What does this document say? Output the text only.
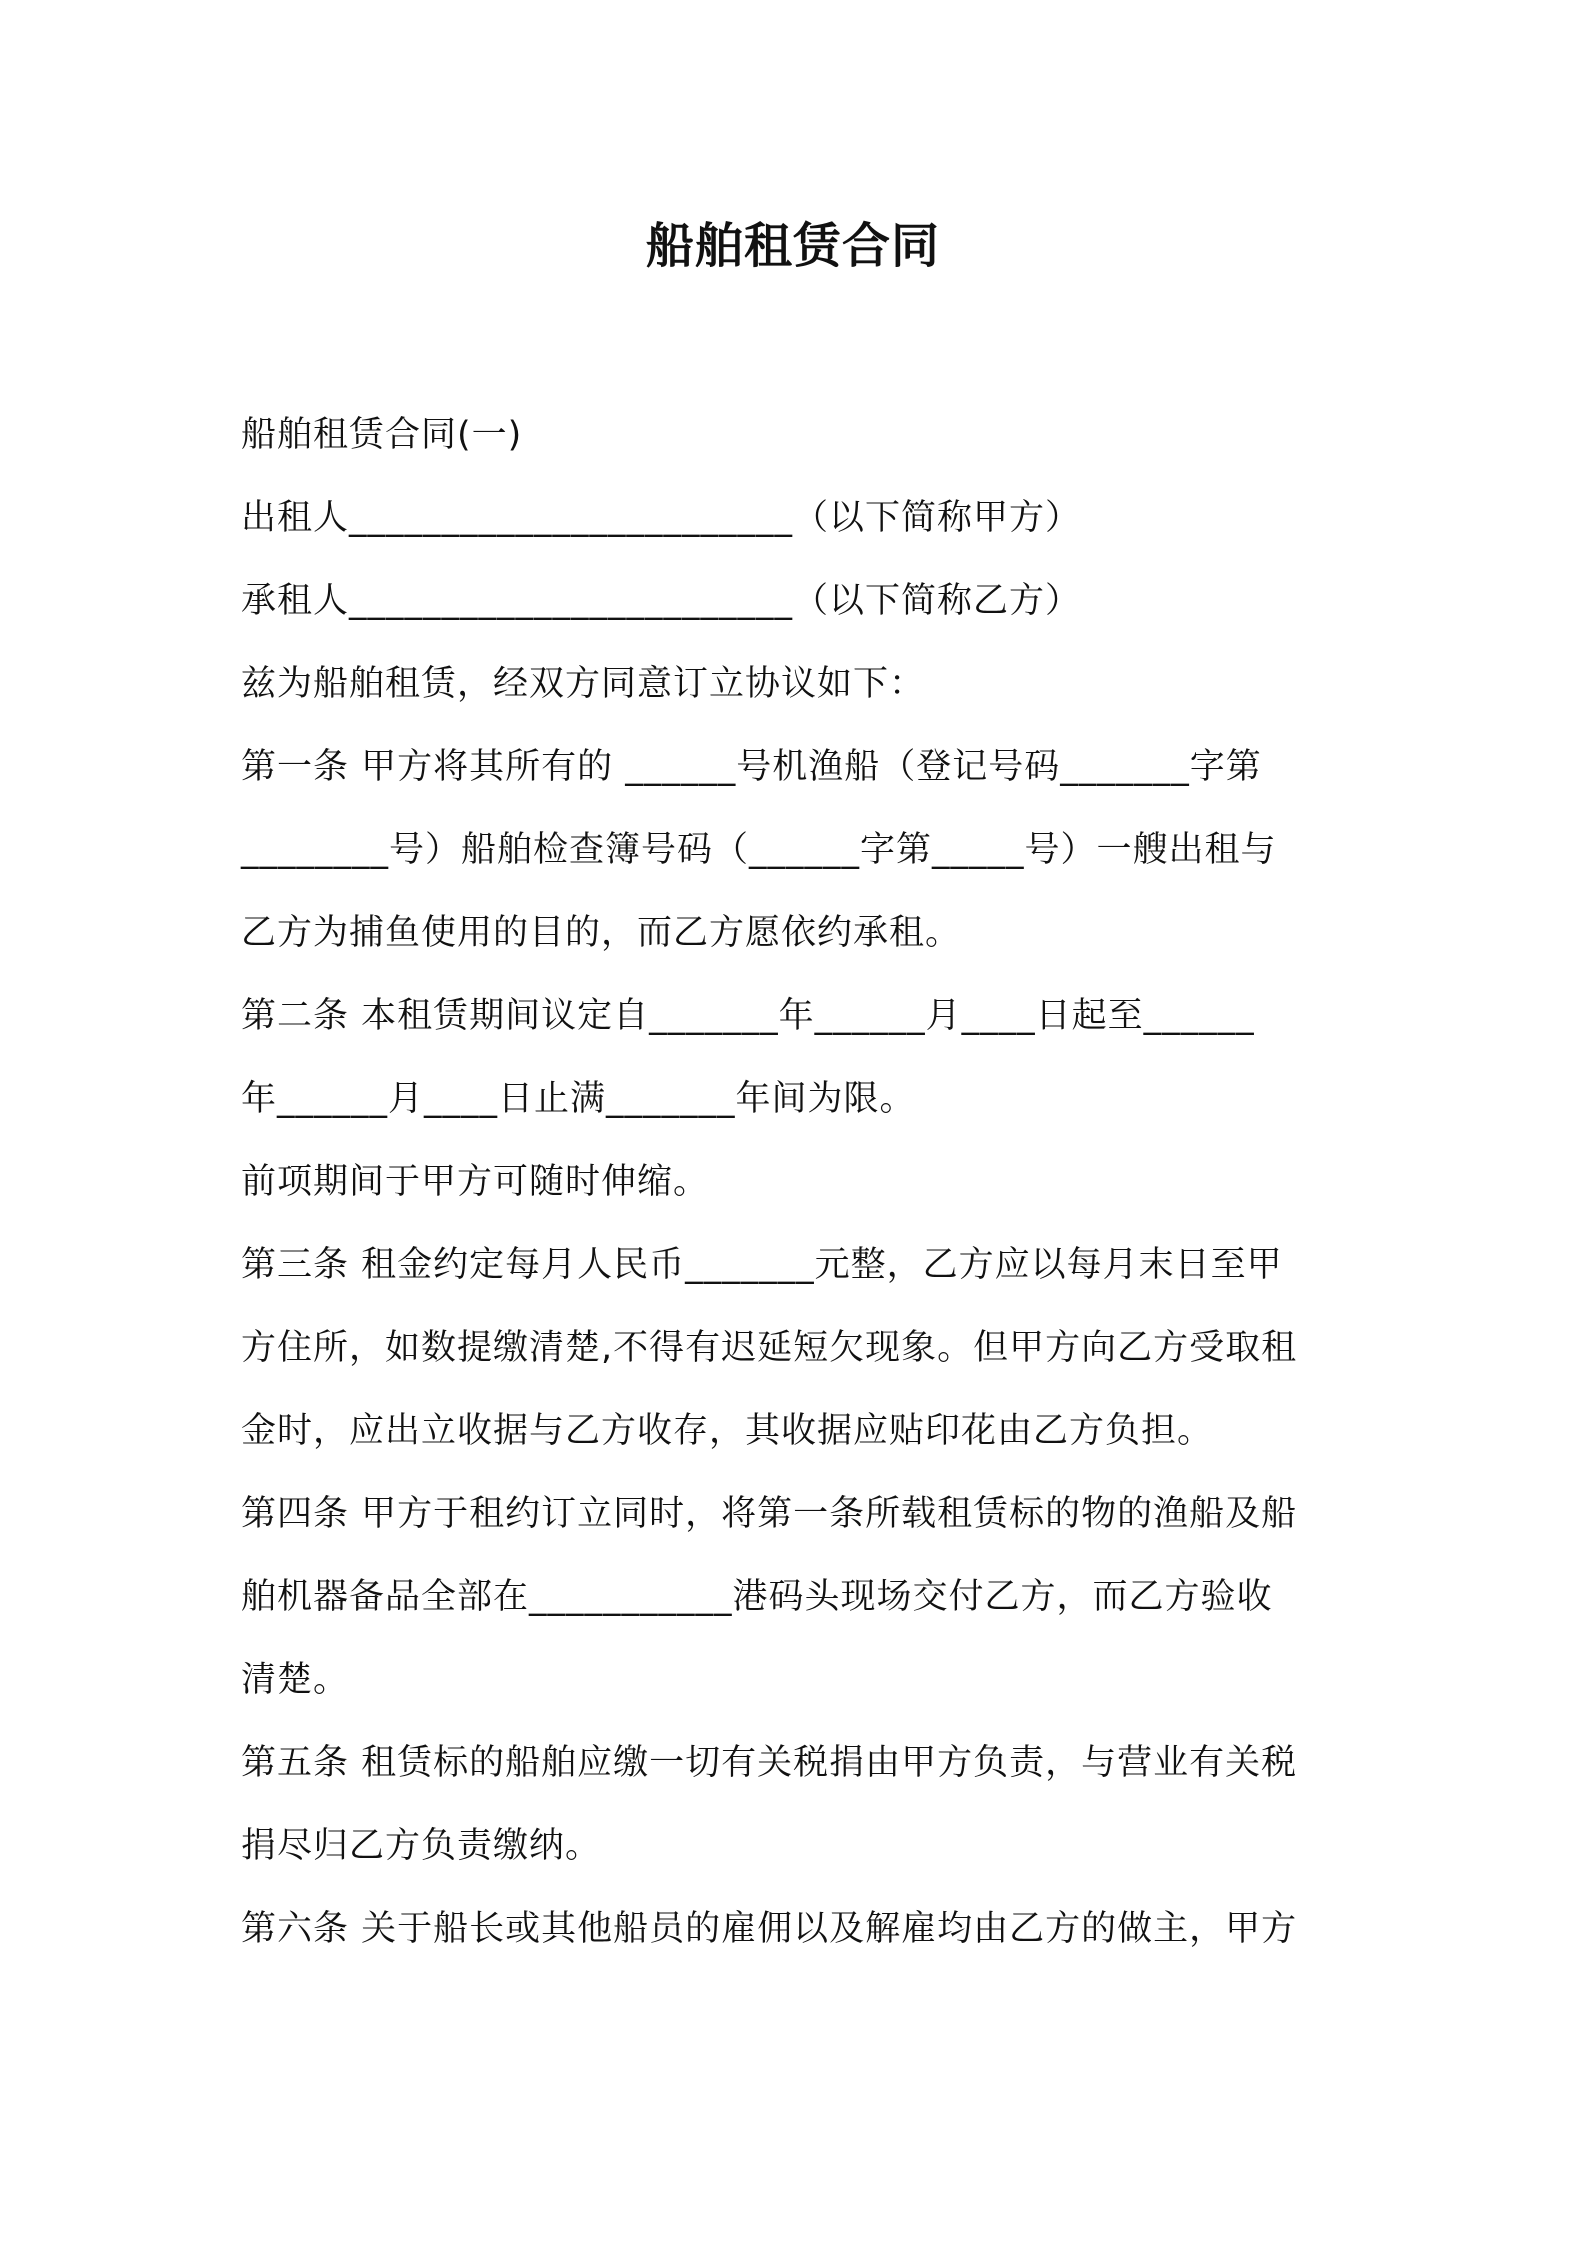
船舶租赁合同
船舶租赁合同(一)
出租人________________________（以下简称甲方）
承租人________________________（以下简称乙方）
兹为船舶租赁，经双方同意订立协议如下：
第一条 甲方将其所有的 ______号机渔船（登记号码_______字第
________号）船舶检查簿号码（______字第_____号）一艘出租与
乙方为捕鱼使用的目的，而乙方愿依约承租。
第二条 本租赁期间议定自_______年______月____日起至______
年______月____日止满_______年间为限。
前项期间于甲方可随时伸缩。
第三条 租金约定每月人民币_______元整，乙方应以每月末日至甲
方住所，如数提缴清楚,不得有迟延短欠现象。但甲方向乙方受取租
金时，应出立收据与乙方收存，其收据应贴印花由乙方负担。
第四条 甲方于租约订立同时，将第一条所载租赁标的物的渔船及船
舶机器备品全部在___________港码头现场交付乙方，而乙方验收
清楚。
第五条 租赁标的船舶应缴一切有关税捐由甲方负责，与营业有关税
捐尽归乙方负责缴纳。
第六条 关于船长或其他船员的雇佣以及解雇均由乙方的做主，甲方
